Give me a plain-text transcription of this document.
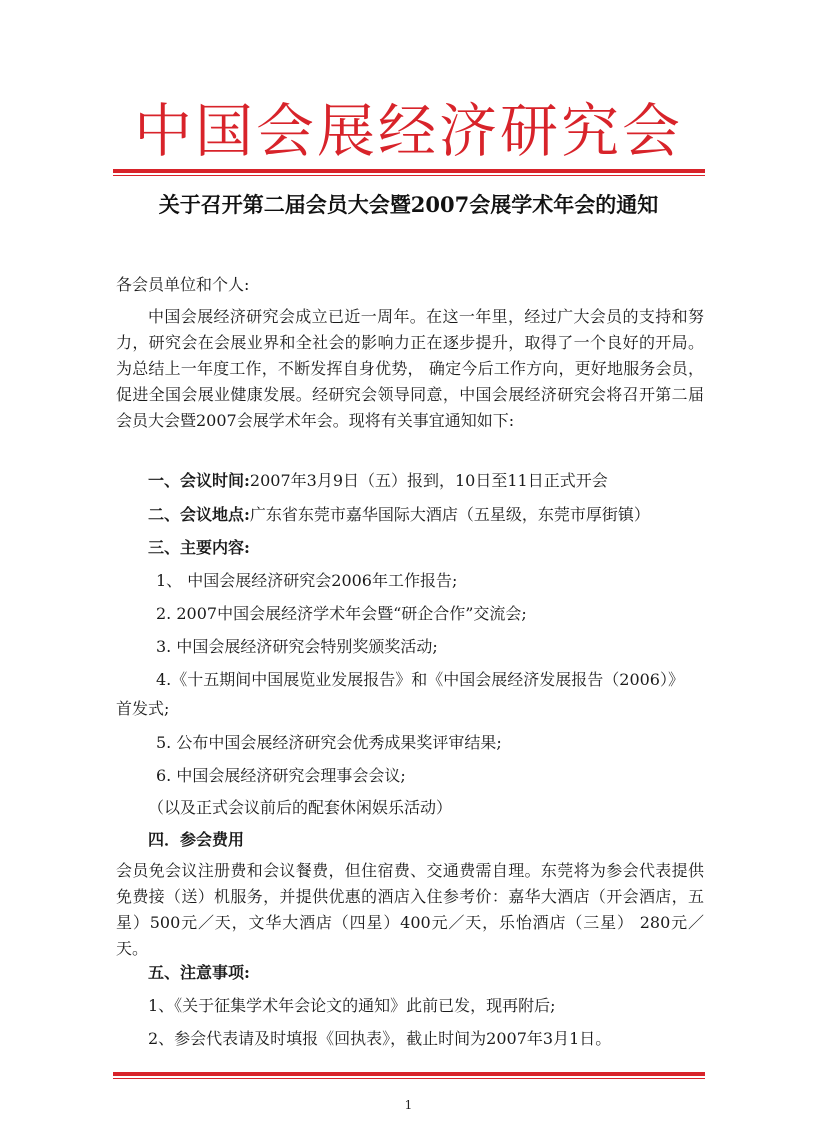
中国会展经济研究会
关于召开第二届会员大会暨2007会展学术年会的通知
各会员单位和个人:
中国会展经济研究会成立已近一周年。在这一年里，经过广大会员的支持和努力，研究会在会展业界和全社会的影响力正在逐步提升，取得了一个良好的开局。为总结上一年度工作，不断发挥自身优势， 确定今后工作方向，更好地服务会员，促进全国会展业健康发展。经研究会领导同意，中国会展经济研究会将召开第二届会员大会暨2007会展学术年会。现将有关事宜通知如下:
一、会议时间:2007年3月9日（五）报到，10日至11日正式开会
二、会议地点:广东省东莞市嘉华国际大酒店（五星级，东莞市厚街镇）
三、主要内容:
1、 中国会展经济研究会2006年工作报告;
2. 2007中国会展经济学术年会暨“研企合作”交流会;
3. 中国会展经济研究会特别奖颁奖活动;
4.《十五期间中国展览业发展报告》和《中国会展经济发展报告（2006）》
首发式;
5. 公布中国会展经济研究会优秀成果奖评审结果;
6. 中国会展经济研究会理事会会议;
（以及正式会议前后的配套休闲娱乐活动）
四．参会费用
会员免会议注册费和会议餐费，但住宿费、交通费需自理。东莞将为参会代表提供免费接（送）机服务，并提供优惠的酒店入住参考价：嘉华大酒店（开会酒店，五星）500元／天，文华大酒店（四星）400元／天，乐怡酒店（三星） 280元／天。
五、注意事项:
1、《关于征集学术年会论文的通知》此前已发，现再附后;
2、参会代表请及时填报《回执表》，截止时间为2007年3月1日。
1
